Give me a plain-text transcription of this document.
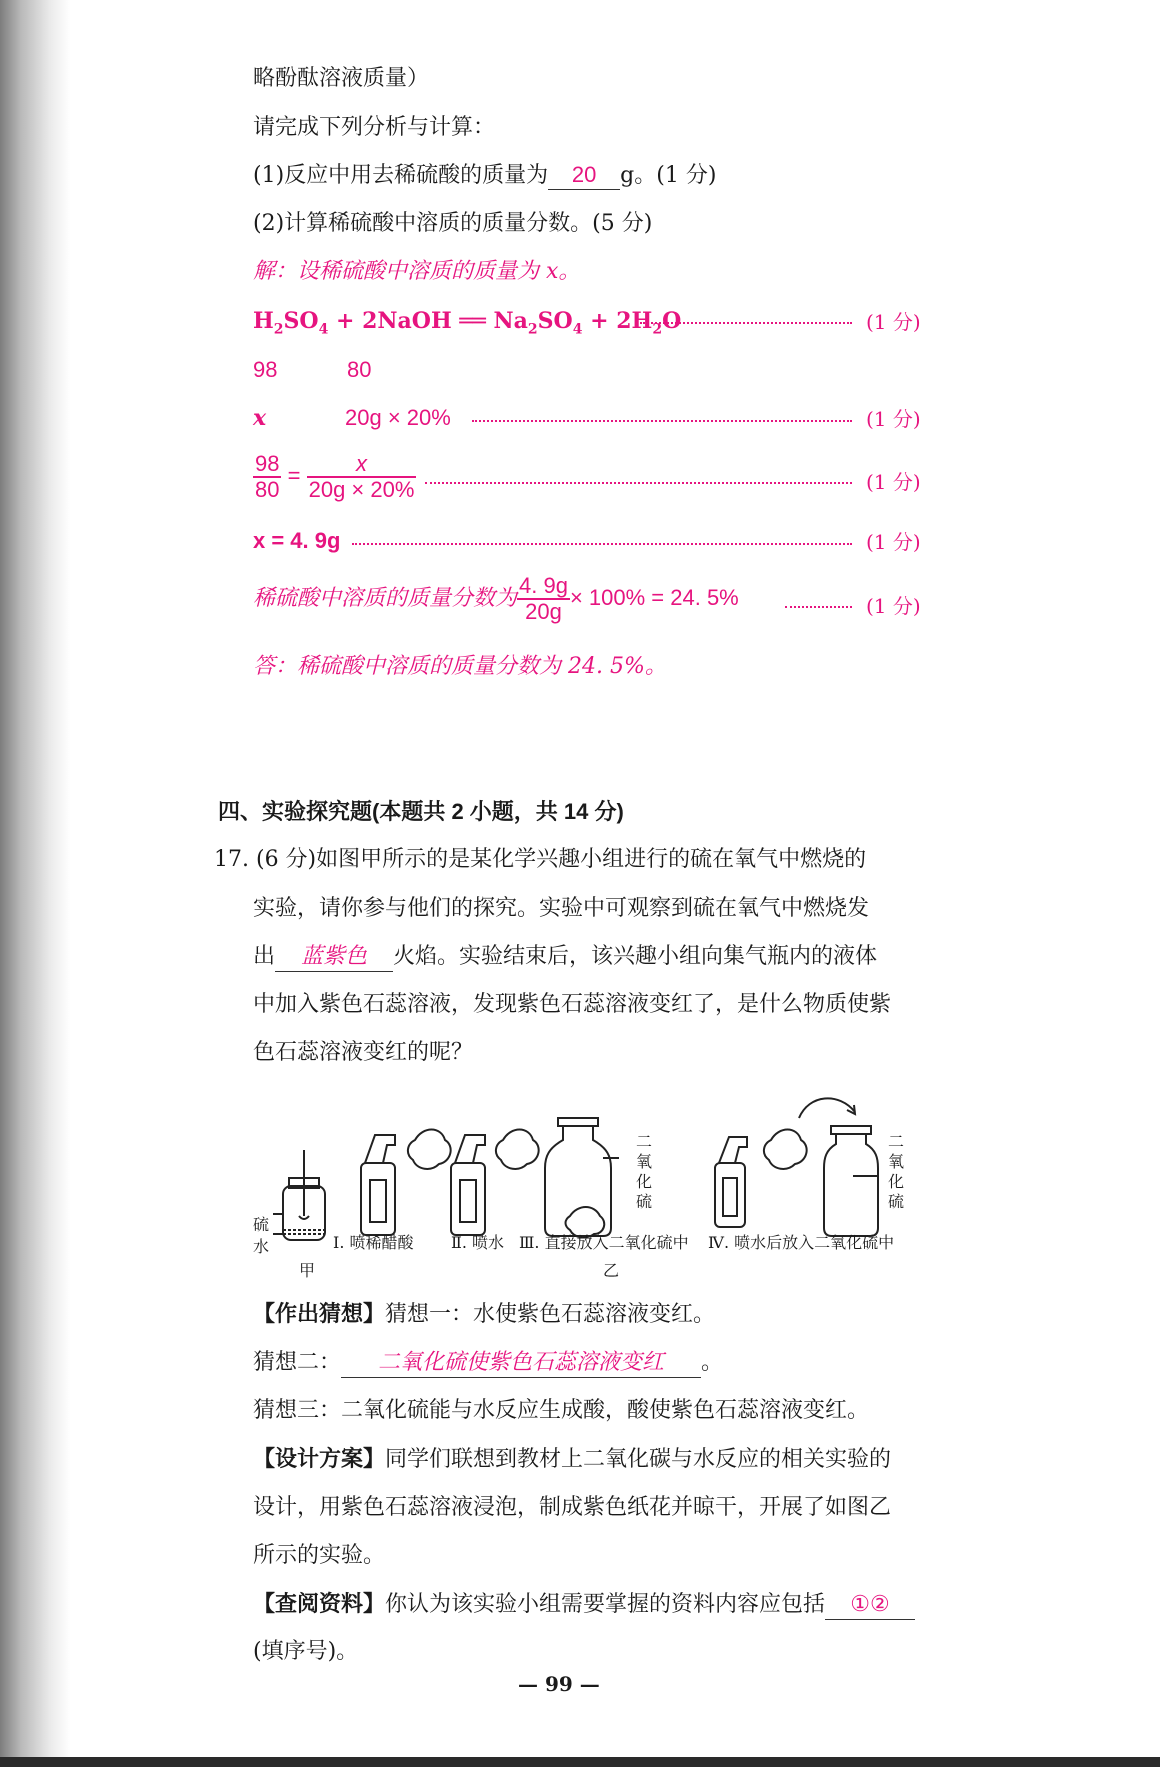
略酚酞溶液质量）
请完成下列分析与计算：
(1)反应中用去稀硫酸的质量为 20 g。(1 分)
(2)计算稀硫酸中溶质的质量分数。(5 分)
解：设稀硫酸中溶质的质量为 x。
$H_2SO_4$ + 2NaOH ══ $Na_2SO_4 + 2H_2O$	(1 分)
98	80
x	20g × 20%	(1 分)
$\frac{98}{80} = \frac{x}{20g \times 20\%}$	(1 分)
x = 4. 9g	(1 分)
稀硫酸中溶质的质量分数为 $\frac{4. 9g}{20g} \times 100\% = 24$. 5%	(1 分)
答：稀硫酸中溶质的质量分数为 24. 5%。
四、实验探究题(本题共 2 小题，共 14 分)
17. (6 分)如图甲所示的是某化学兴趣小组进行的硫在氧气中燃烧的
实验，请你参与他们的探究。实验中可观察到硫在氧气中燃烧发
出 蓝紫色 火焰。实验结束后，该兴趣小组向集气瓶内的液体
中加入紫色石蕊溶液，发现紫色石蕊溶液变红了，是什么物质使紫
色石蕊溶液变红的呢？
硫
水
甲
Ⅰ. 喷稀醋酸 Ⅱ. 喷水 Ⅲ. 直接放入二氧化硫中 Ⅳ. 喷水后放入二氧化硫中
乙
二氧化硫
二氧化硫
【作出猜想】猜想一：水使紫色石蕊溶液变红。
猜想二： 二氧化硫使紫色石蕊溶液变红 。
猜想三：二氧化硫能与水反应生成酸，酸使紫色石蕊溶液变红。
【设计方案】同学们联想到教材上二氧化碳与水反应的相关实验的
设计，用紫色石蕊溶液浸泡，制成紫色纸花并晾干，开展了如图乙
所示的实验。
【查阅资料】你认为该实验小组需要掌握的资料内容应包括 ①②
(填序号)。
— 99 —
